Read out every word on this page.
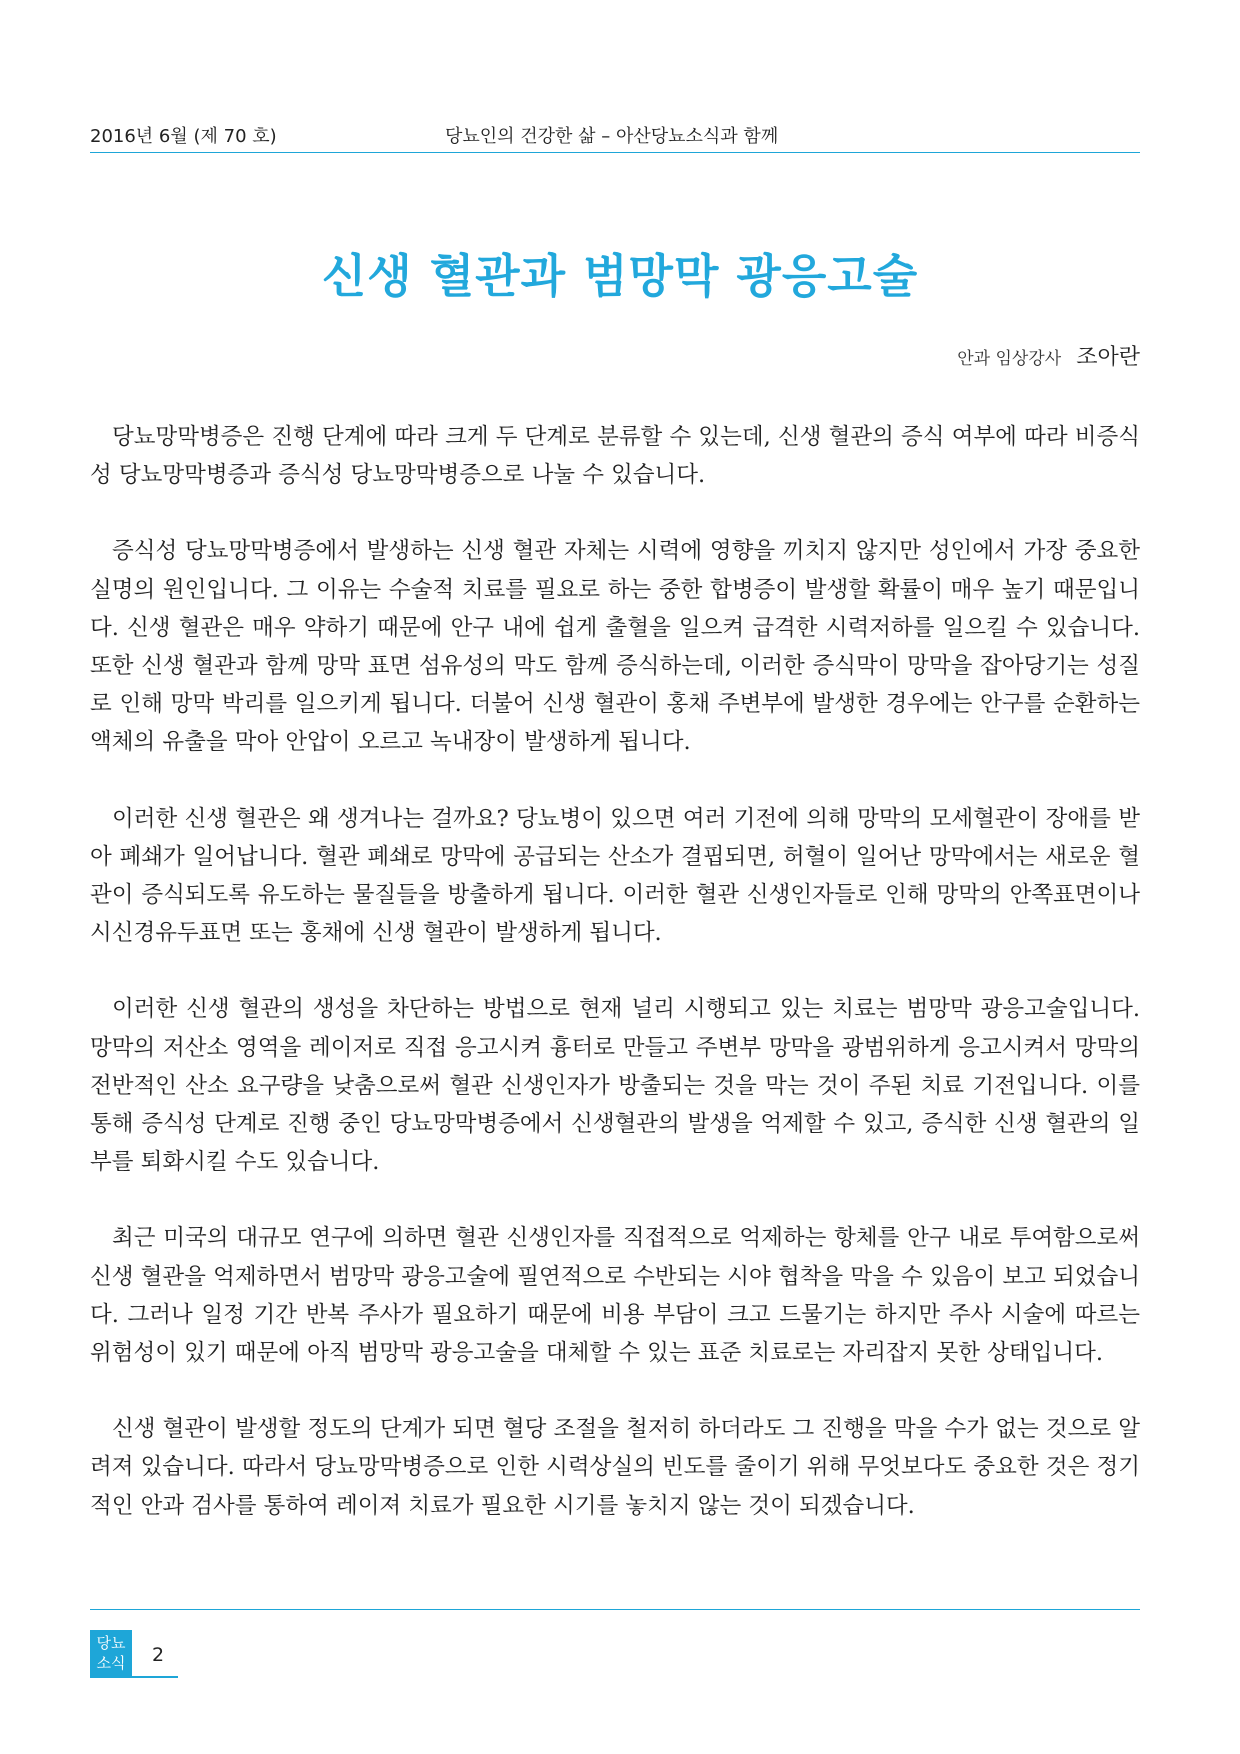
2016년 6월 (제 70 호)	당뇨인의 건강한 삶 – 아산당뇨소식과 함께
신생 혈관과 범망막 광응고술
안과 임상강사 조아란

당뇨망막병증은 진행 단계에 따라 크게 두 단계로 분류할 수 있는데, 신생 혈관의 증식 여부에 따라 비증식성 당뇨망막병증과 증식성 당뇨망막병증으로 나눌 수 있습니다.

증식성 당뇨망막병증에서 발생하는 신생 혈관 자체는 시력에 영향을 끼치지 않지만 성인에서 가장 중요한 실명의 원인입니다. 그 이유는 수술적 치료를 필요로 하는 중한 합병증이 발생할 확률이 매우 높기 때문입니다. 신생 혈관은 매우 약하기 때문에 안구 내에 쉽게 출혈을 일으켜 급격한 시력저하를 일으킬 수 있습니다. 또한 신생 혈관과 함께 망막 표면 섬유성의 막도 함께 증식하는데, 이러한 증식막이 망막을 잡아당기는 성질로 인해 망막 박리를 일으키게 됩니다. 더불어 신생 혈관이 홍채 주변부에 발생한 경우에는 안구를 순환하는 액체의 유출을 막아 안압이 오르고 녹내장이 발생하게 됩니다.

이러한 신생 혈관은 왜 생겨나는 걸까요? 당뇨병이 있으면 여러 기전에 의해 망막의 모세혈관이 장애를 받아 폐쇄가 일어납니다. 혈관 폐쇄로 망막에 공급되는 산소가 결핍되면, 허혈이 일어난 망막에서는 새로운 혈관이 증식되도록 유도하는 물질들을 방출하게 됩니다. 이러한 혈관 신생인자들로 인해 망막의 안쪽표면이나 시신경유두표면 또는 홍채에 신생 혈관이 발생하게 됩니다.

이러한 신생 혈관의 생성을 차단하는 방법으로 현재 널리 시행되고 있는 치료는 범망막 광응고술입니다. 망막의 저산소 영역을 레이저로 직접 응고시켜 흉터로 만들고 주변부 망막을 광범위하게 응고시켜서 망막의 전반적인 산소 요구량을 낮춤으로써 혈관 신생인자가 방출되는 것을 막는 것이 주된 치료 기전입니다. 이를 통해 증식성 단계로 진행 중인 당뇨망막병증에서 신생혈관의 발생을 억제할 수 있고, 증식한 신생 혈관의 일부를 퇴화시킬 수도 있습니다.

최근 미국의 대규모 연구에 의하면 혈관 신생인자를 직접적으로 억제하는 항체를 안구 내로 투여함으로써 신생 혈관을 억제하면서 범망막 광응고술에 필연적으로 수반되는 시야 협착을 막을 수 있음이 보고 되었습니다. 그러나 일정 기간 반복 주사가 필요하기 때문에 비용 부담이 크고 드물기는 하지만 주사 시술에 따르는 위험성이 있기 때문에 아직 범망막 광응고술을 대체할 수 있는 표준 치료로는 자리잡지 못한 상태입니다.

신생 혈관이 발생할 정도의 단계가 되면 혈당 조절을 철저히 하더라도 그 진행을 막을 수가 없는 것으로 알려져 있습니다. 따라서 당뇨망막병증으로 인한 시력상실의 빈도를 줄이기 위해 무엇보다도 중요한 것은 정기적인 안과 검사를 통하여 레이져 치료가 필요한 시기를 놓치지 않는 것이 되겠습니다.

당뇨
소식	2
